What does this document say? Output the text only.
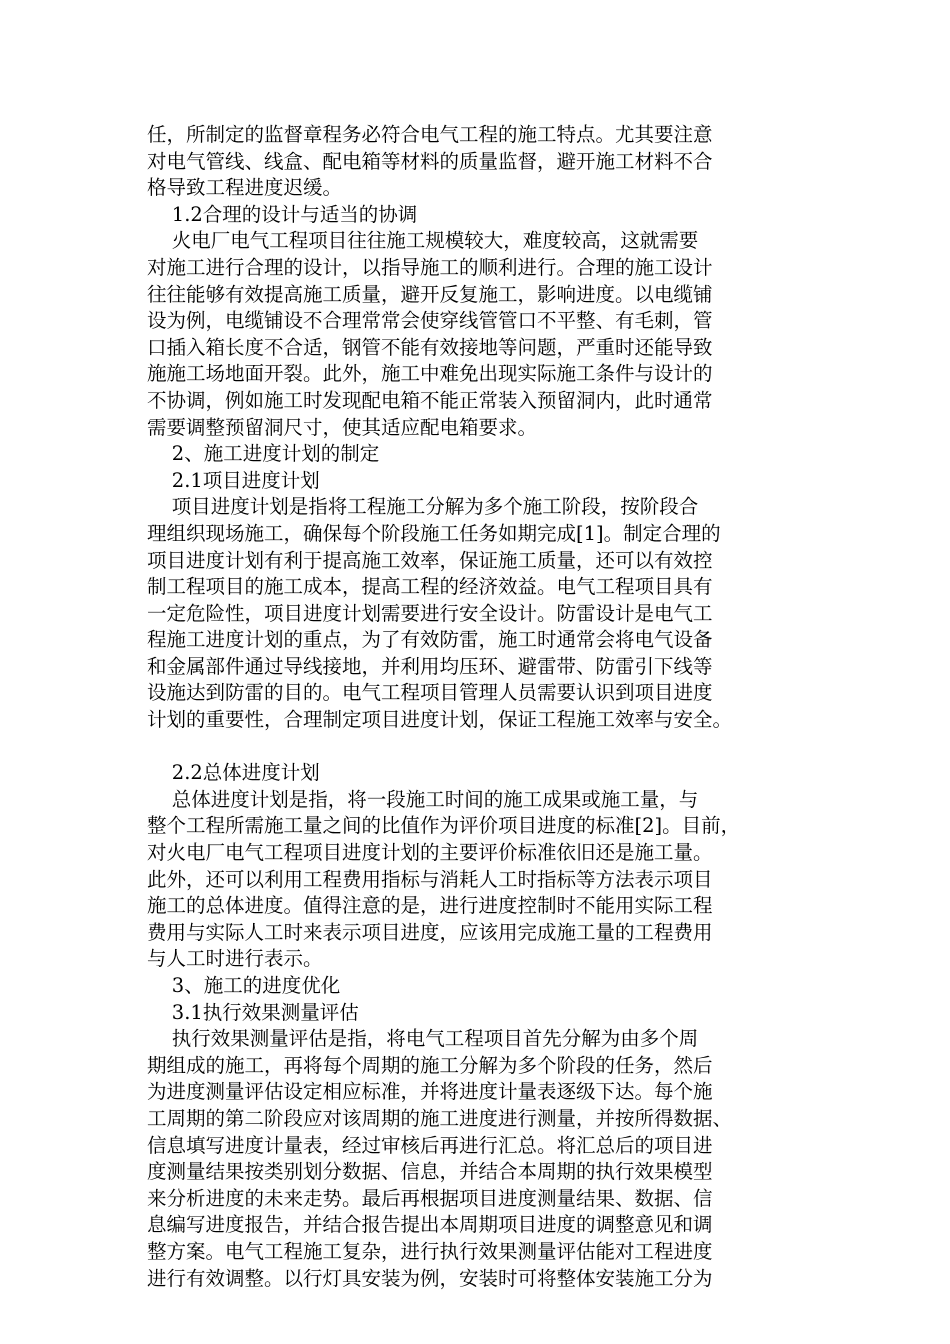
任，所制定的监督章程务必符合电气工程的施工特点。尤其要注意
对电气管线、线盒、配电箱等材料的质量监督，避开施工材料不合
格导致工程进度迟缓。
1.2合理的设计与适当的协调
火电厂电气工程项目往往施工规模较大，难度较高，这就需要
对施工进行合理的设计，以指导施工的顺利进行。合理的施工设计
往往能够有效提高施工质量，避开反复施工，影响进度。以电缆铺
设为例，电缆铺设不合理常常会使穿线管管口不平整、有毛刺，管
口插入箱长度不合适，钢管不能有效接地等问题，严重时还能导致
施施工场地面开裂。此外，施工中难免出现实际施工条件与设计的
不协调，例如施工时发现配电箱不能正常装入预留洞内，此时通常
需要调整预留洞尺寸，使其适应配电箱要求。
2、施工进度计划的制定
2.1项目进度计划
项目进度计划是指将工程施工分解为多个施工阶段，按阶段合
理组织现场施工，确保每个阶段施工任务如期完成[1]。制定合理的
项目进度计划有利于提高施工效率，保证施工质量，还可以有效控
制工程项目的施工成本，提高工程的经济效益。电气工程项目具有
一定危险性，项目进度计划需要进行安全设计。防雷设计是电气工
程施工进度计划的重点，为了有效防雷，施工时通常会将电气设备
和金属部件通过导线接地，并利用均压环、避雷带、防雷引下线等
设施达到防雷的目的。电气工程项目管理人员需要认识到项目进度
计划的重要性，合理制定项目进度计划，保证工程施工效率与安全。
2.2总体进度计划
总体进度计划是指，将一段施工时间的施工成果或施工量，与
整个工程所需施工量之间的比值作为评价项目进度的标准[2]。目前，
对火电厂电气工程项目进度计划的主要评价标准依旧还是施工量。
此外，还可以利用工程费用指标与消耗人工时指标等方法表示项目
施工的总体进度。值得注意的是，进行进度控制时不能用实际工程
费用与实际人工时来表示项目进度，应该用完成施工量的工程费用
与人工时进行表示。
3、施工的进度优化
3.1执行效果测量评估
执行效果测量评估是指，将电气工程项目首先分解为由多个周
期组成的施工，再将每个周期的施工分解为多个阶段的任务，然后
为进度测量评估设定相应标准，并将进度计量表逐级下达。每个施
工周期的第二阶段应对该周期的施工进度进行测量，并按所得数据、
信息填写进度计量表，经过审核后再进行汇总。将汇总后的项目进
度测量结果按类别划分数据、信息，并结合本周期的执行效果模型
来分析进度的未来走势。最后再根据项目进度测量结果、数据、信
息编写进度报告，并结合报告提出本周期项目进度的调整意见和调
整方案。电气工程施工复杂，进行执行效果测量评估能对工程进度
进行有效调整。以行灯具安装为例，安装时可将整体安装施工分为
